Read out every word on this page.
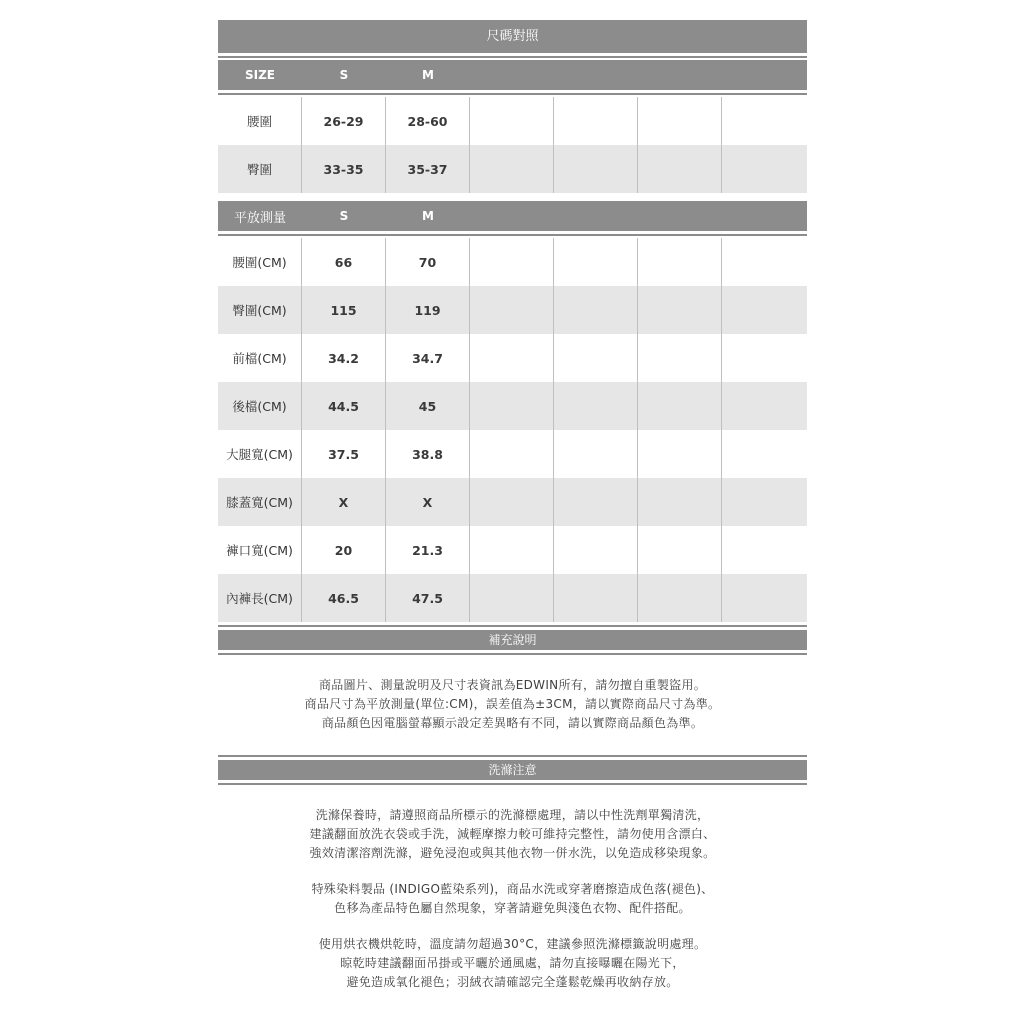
尺碼對照
SIZE	S	M
腰圍	26-29	28-60
臀圍	33-35	35-37
平放測量	S	M
腰圍(CM)	66	70
臀圍(CM)	115	119
前檔(CM)	34.2	34.7
後檔(CM)	44.5	45
大腿寬(CM)	37.5	38.8
膝蓋寬(CM)	X	X
褲口寬(CM)	20	21.3
內褲長(CM)	46.5	47.5
補充說明

商品圖片、測量說明及尺寸表資訊為EDWIN所有，請勿擅自重製盜用。

商品尺寸為平放測量(單位:CM)，誤差值為±3CM，請以實際商品尺寸為準。

商品顏色因電腦螢幕顯示設定差異略有不同，請以實際商品顏色為準。

洗滌注意

洗滌保養時，請遵照商品所標示的洗滌標處理，請以中性洗劑單獨清洗，

建議翻面放洗衣袋或手洗，減輕摩擦力較可維持完整性，請勿使用含漂白、

強效清潔溶劑洗滌，避免浸泡或與其他衣物一併水洗，以免造成移染現象。

特殊染料製品 (INDIGO藍染系列)，商品水洗或穿著磨擦造成色落(褪色)、

色移為產品特色屬自然現象，穿著請避免與淺色衣物、配件搭配。

使用烘衣機烘乾時，溫度請勿超過30°C，建議參照洗滌標籤說明處理。

晾乾時建議翻面吊掛或平曬於通風處，請勿直接曝曬在陽光下，

避免造成氧化褪色；羽絨衣請確認完全蓬鬆乾燥再收納存放。
